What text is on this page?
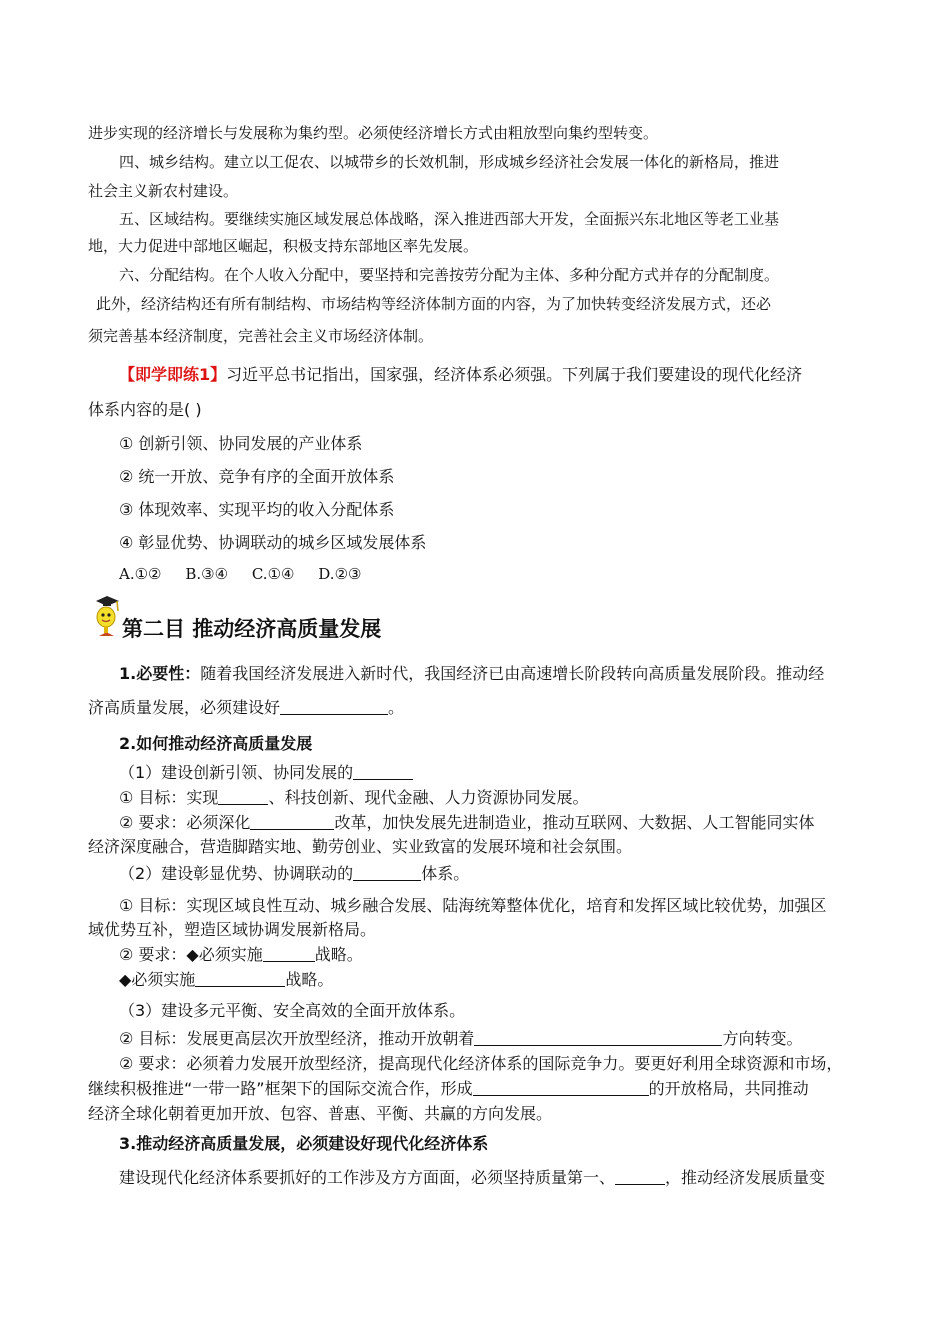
进步实现的经济增长与发展称为集约型。必须使经济增长方式由粗放型向集约型转变。
四、城乡结构。建立以工促农、以城带乡的长效机制，形成城乡经济社会发展一体化的新格局，推进
社会主义新农村建设。
五、区域结构。要继续实施区域发展总体战略，深入推进西部大开发，全面振兴东北地区等老工业基
地，大力促进中部地区崛起，积极支持东部地区率先发展。
六、分配结构。在个人收入分配中，要坚持和完善按劳分配为主体、多种分配方式并存的分配制度。
此外，经济结构还有所有制结构、市场结构等经济体制方面的内容，为了加快转变经济发展方式，还必
须完善基本经济制度，完善社会主义市场经济体制。
【即学即练1】习近平总书记指出，国家强，经济体系必须强。下列属于我们要建设的现代化经济
体系内容的是( )
① 创新引领、协同发展的产业体系
② 统一开放、竞争有序的全面开放体系
③ 体现效率、实现平均的收入分配体系
④ 彰显优势、协调联动的城乡区域发展体系
A.①②     B.③④     C.①④     D.②③
第二目 推动经济高质量发展
1.必要性：随着我国经济发展进入新时代，我国经济已由高速增长阶段转向高质量发展阶段。推动经
济高质量发展，必须建设好	。
2.如何推动经济高质量发展
（1）建设创新引领、协同发展的
① 目标：实现	、科技创新、现代金融、人力资源协同发展。
② 要求：必须深化	改革，加快发展先进制造业，推动互联网、大数据、人工智能同实体
经济深度融合，营造脚踏实地、勤劳创业、实业致富的发展环境和社会氛围。
（2）建设彰显优势、协调联动的	体系。
① 目标：实现区域良性互动、城乡融合发展、陆海统筹整体优化，培育和发挥区域比较优势，加强区
域优势互补，塑造区域协调发展新格局。
② 要求：◆必须实施	战略。
◆必须实施	战略。
（3）建设多元平衡、安全高效的全面开放体系。
② 目标：发展更高层次开放型经济，推动开放朝着	方向转变。
② 要求：必须着力发展开放型经济，提高现代化经济体系的国际竞争力。要更好利用全球资源和市场，
继续积极推进“一带一路”框架下的国际交流合作，形成	的开放格局，共同推动
经济全球化朝着更加开放、包容、普惠、平衡、共赢的方向发展。
3.推动经济高质量发展，必须建设好现代化经济体系
建设现代化经济体系要抓好的工作涉及方方面面，必须坚持质量第一、	，推动经济发展质量变
